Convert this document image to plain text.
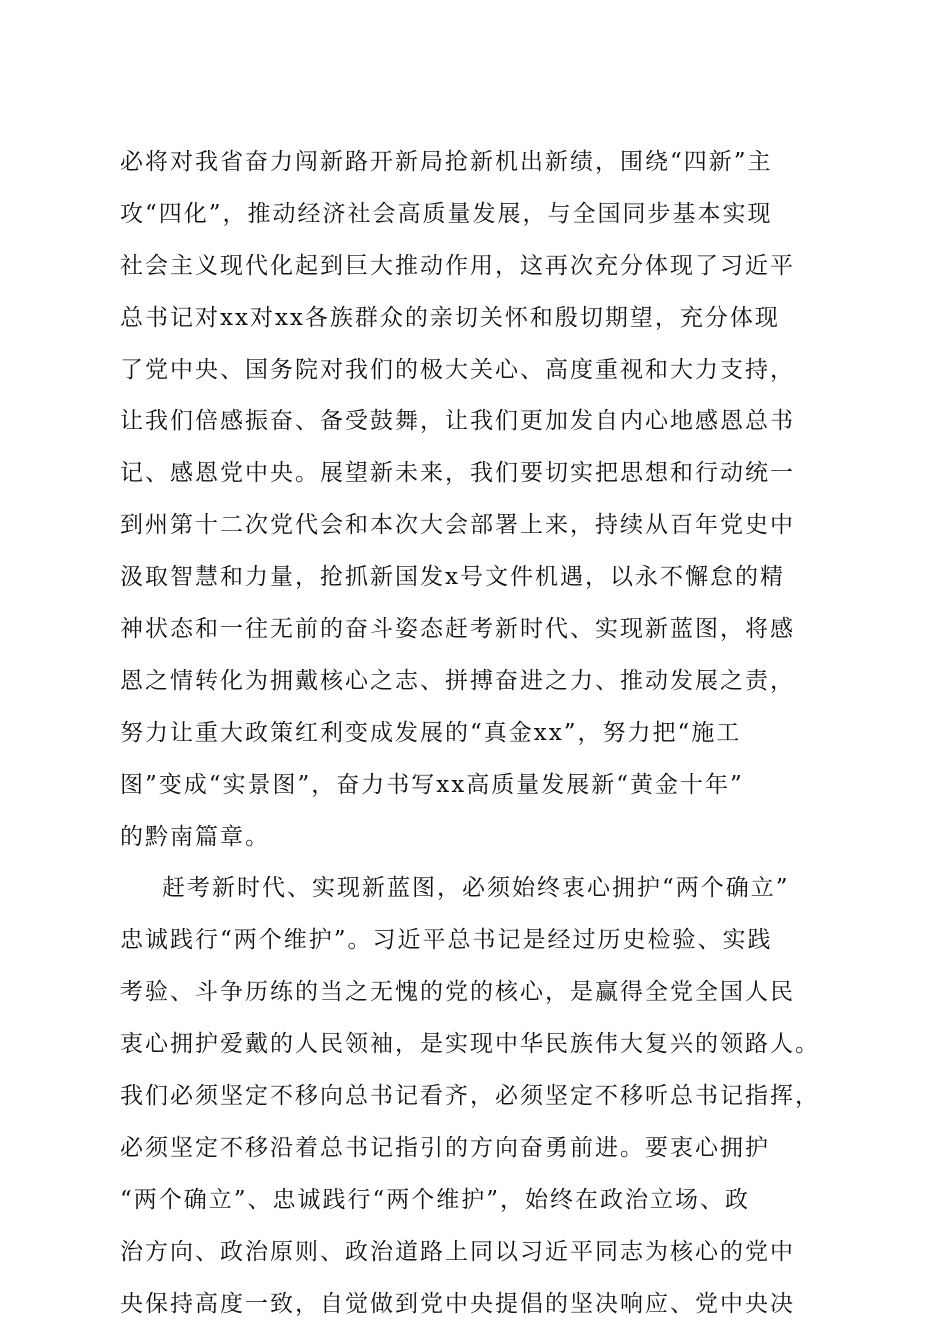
必将对我省奋力闯新路开新局抢新机出新绩，围绕“四新”主
攻“四化”，推动经济社会高质量发展，与全国同步基本实现
社会主义现代化起到巨大推动作用，这再次充分体现了习近平
总书记对xx对xx各族群众的亲切关怀和殷切期望，充分体现
了党中央、国务院对我们的极大关心、高度重视和大力支持，
让我们倍感振奋、备受鼓舞，让我们更加发自内心地感恩总书
记、感恩党中央。展望新未来，我们要切实把思想和行动统一
到州第十二次党代会和本次大会部署上来，持续从百年党史中
汲取智慧和力量，抢抓新国发x号文件机遇，以永不懈怠的精
神状态和一往无前的奋斗姿态赶考新时代、实现新蓝图，将感
恩之情转化为拥戴核心之志、拼搏奋进之力、推动发展之责，
努力让重大政策红利变成发展的“真金xx”，努力把“施工
图”变成“实景图”，奋力书写xx高质量发展新“黄金十年”
的黔南篇章。
赶考新时代、实现新蓝图，必须始终衷心拥护“两个确立”
忠诚践行“两个维护”。习近平总书记是经过历史检验、实践
考验、斗争历练的当之无愧的党的核心，是赢得全党全国人民
衷心拥护爱戴的人民领袖，是实现中华民族伟大复兴的领路人。
我们必须坚定不移向总书记看齐，必须坚定不移听总书记指挥，
必须坚定不移沿着总书记指引的方向奋勇前进。要衷心拥护
“两个确立”、忠诚践行“两个维护”，始终在政治立场、政
治方向、政治原则、政治道路上同以习近平同志为核心的党中
央保持高度一致，自觉做到党中央提倡的坚决响应、党中央决
